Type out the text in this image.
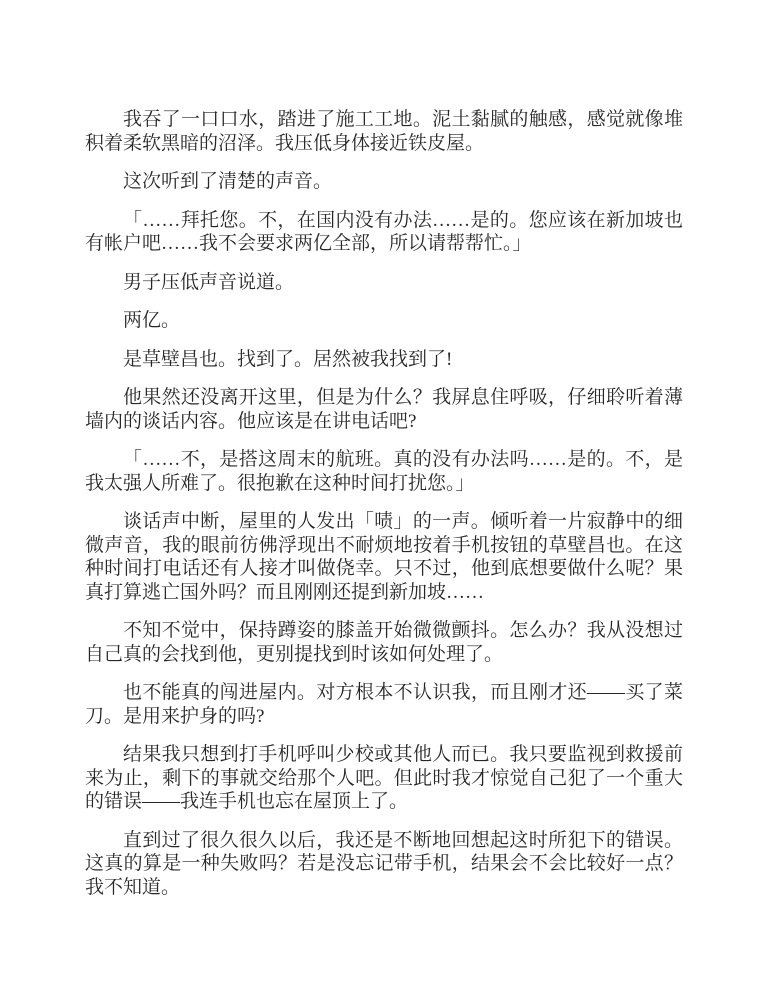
我吞了一口口水，踏进了施工工地。泥土黏腻的触感，感觉就像堆积着柔软黑暗的沼泽。我压低身体接近铁皮屋。

这次听到了清楚的声音。

「……拜托您。不，在国内没有办法……是的。您应该在新加坡也有帐户吧……我不会要求两亿全部，所以请帮帮忙。」

男子压低声音说道。

两亿。

是草壁昌也。找到了。居然被我找到了!

他果然还没离开这里，但是为什么？我屏息住呼吸，仔细聆听着薄墙内的谈话内容。他应该是在讲电话吧?

「……不，是搭这周末的航班。真的没有办法吗……是的。不，是我太强人所难了。很抱歉在这种时间打扰您。」

谈话声中断，屋里的人发出「啧」的一声。倾听着一片寂静中的细微声音，我的眼前彷佛浮现出不耐烦地按着手机按钮的草壁昌也。在这种时间打电话还有人接才叫做侥幸。只不过，他到底想要做什么呢？果真打算逃亡国外吗？而且刚刚还提到新加坡……

不知不觉中，保持蹲姿的膝盖开始微微颤抖。怎么办？我从没想过自己真的会找到他，更别提找到时该如何处理了。

也不能真的闯进屋内。对方根本不认识我，而且刚才还——买了菜刀。是用来护身的吗?

结果我只想到打手机呼叫少校或其他人而已。我只要监视到救援前来为止，剩下的事就交给那个人吧。但此时我才惊觉自己犯了一个重大的错误——我连手机也忘在屋顶上了。

直到过了很久很久以后，我还是不断地回想起这时所犯下的错误。这真的算是一种失败吗？若是没忘记带手机，结果会不会比较好一点？我不知道。
